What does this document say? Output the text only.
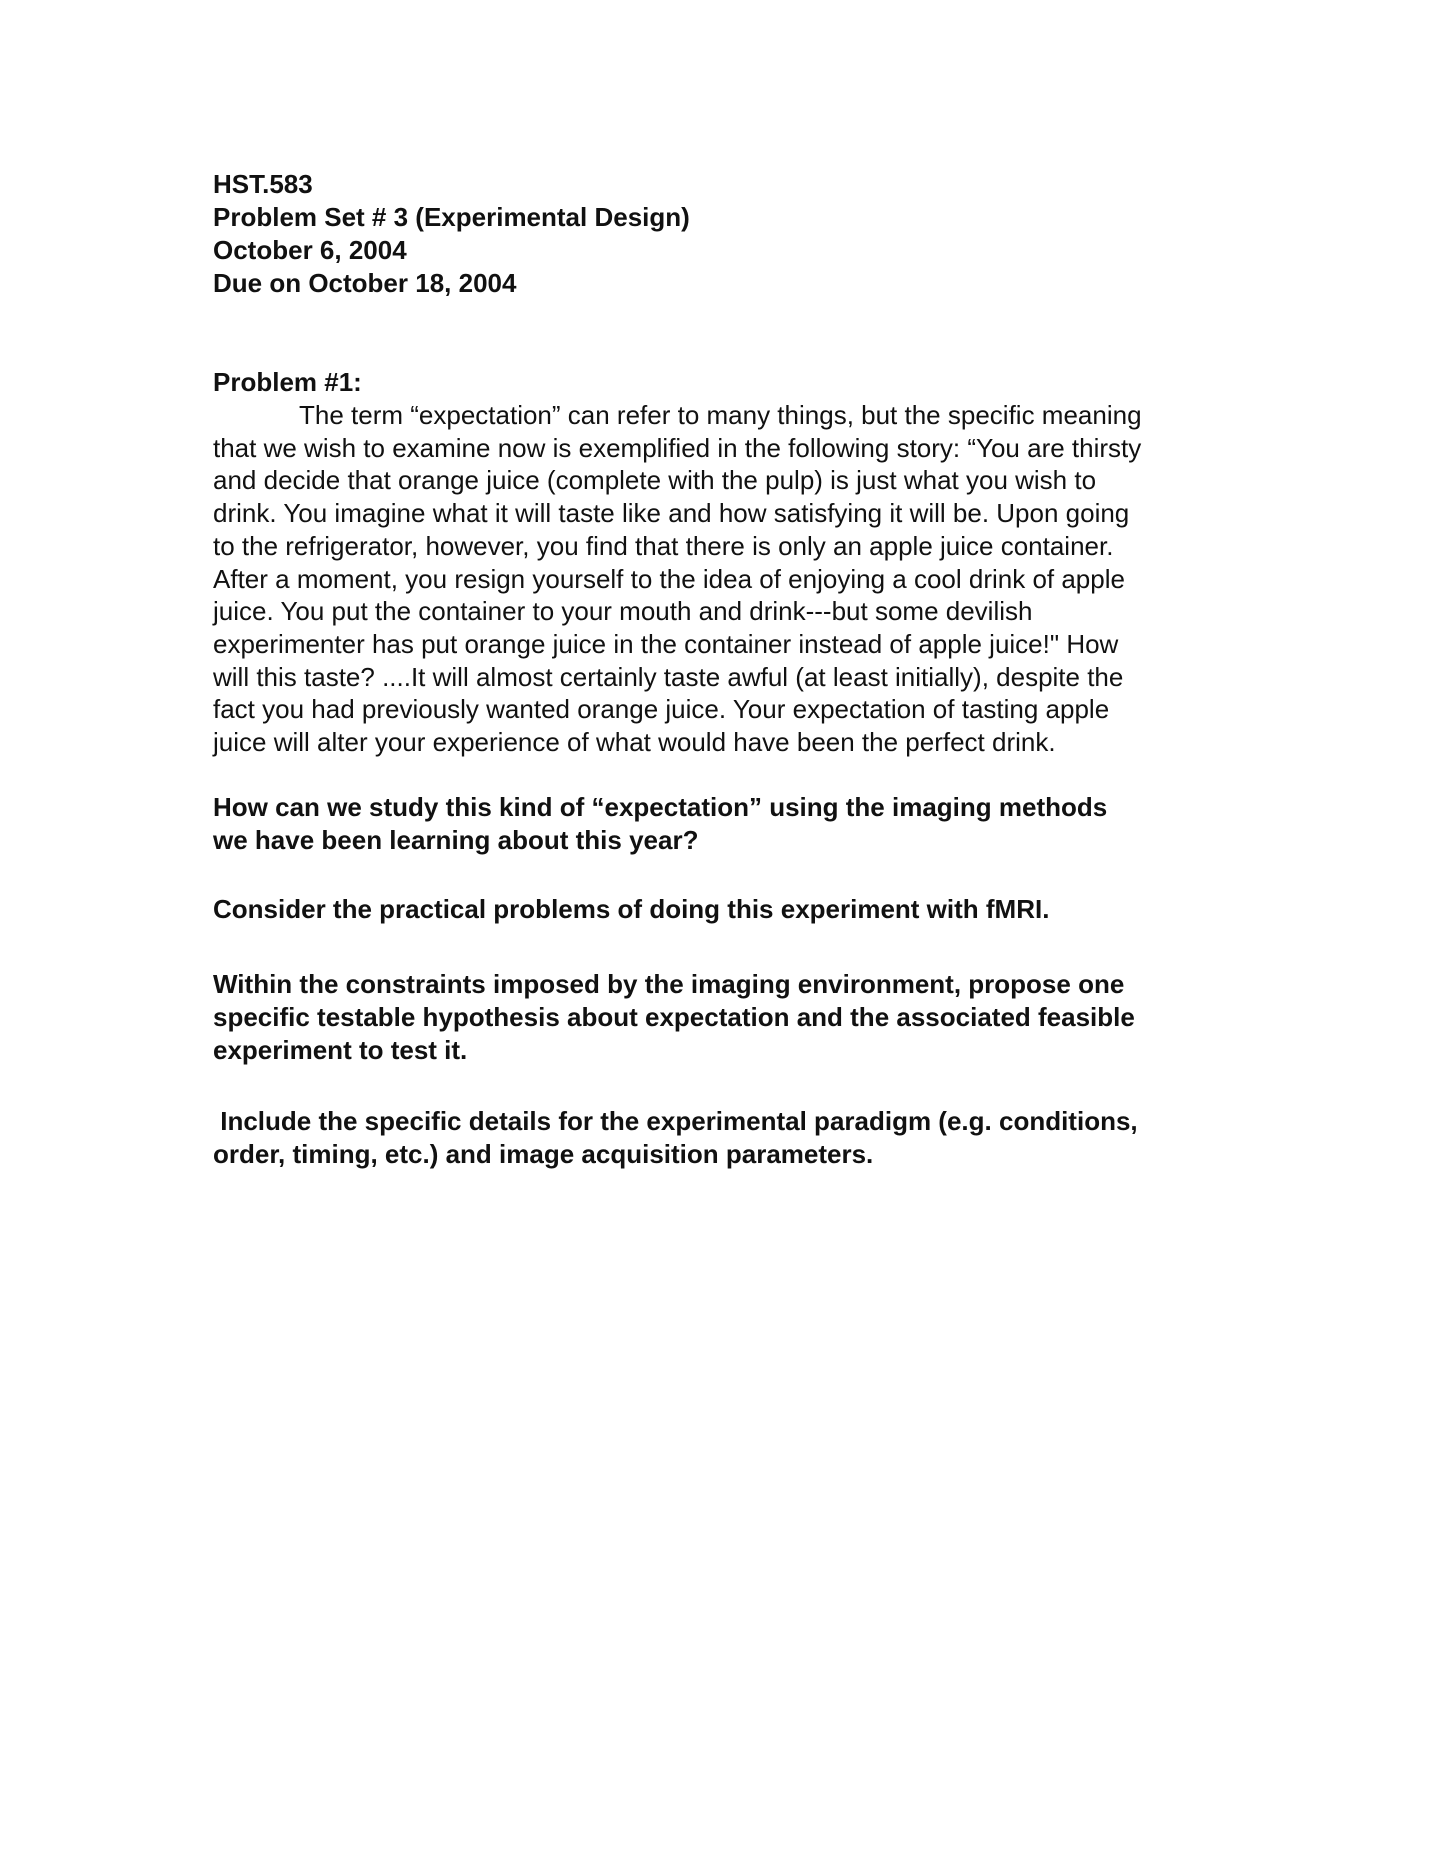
HST.583
Problem Set # 3 (Experimental Design)
October 6, 2004
Due on October 18, 2004
Problem #1:
The term “expectation” can refer to many things, but the specific meaning
that we wish to examine now is exemplified in the following story: “You are thirsty
and decide that orange juice (complete with the pulp) is just what you wish to
drink. You imagine what it will taste like and how satisfying it will be. Upon going
to the refrigerator, however, you find that there is only an apple juice container.
After a moment, you resign yourself to the idea of enjoying a cool drink of apple
juice. You put the container to your mouth and drink---but some devilish
experimenter has put orange juice in the container instead of apple juice!" How
will this taste? ....It will almost certainly taste awful (at least initially), despite the
fact you had previously wanted orange juice. Your expectation of tasting apple
juice will alter your experience of what would have been the perfect drink.
How can we study this kind of “expectation” using the imaging methods
we have been learning about this year?
Consider the practical problems of doing this experiment with fMRI.
Within the constraints imposed by the imaging environment, propose one
specific testable hypothesis about expectation and the associated feasible
experiment to test it.
Include the specific details for the experimental paradigm (e.g. conditions,
order, timing, etc.) and image acquisition parameters.
